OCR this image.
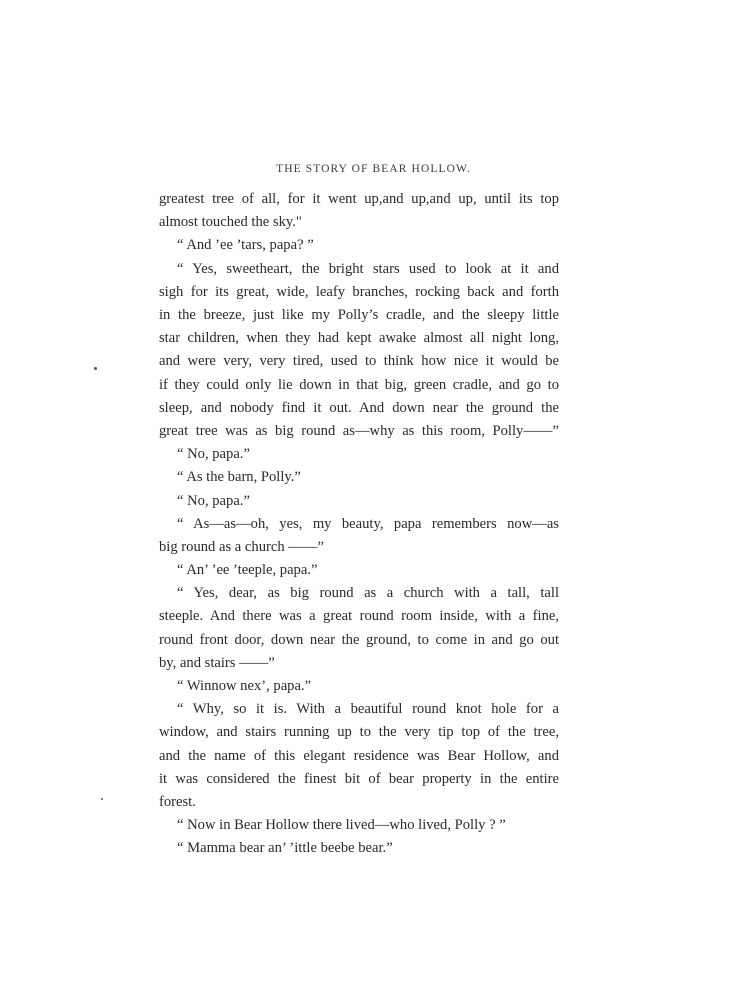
THE STORY OF BEAR HOLLOW.
greatest tree of all, for it went up,and up,and up, until its top
almost touched the sky."
“ And ’ee ’tars, papa? ”
“ Yes, sweetheart, the bright stars used to look at it and
sigh for its great, wide, leafy branches, rocking back and forth
in the breeze, just like my Polly’s cradle, and the sleepy little
star children, when they had kept awake almost all night long,
and were very, very tired, used to think how nice it would be
if they could only lie down in that big, green cradle, and go to
sleep, and nobody find it out. And down near the ground the
great tree was as big round as—why as this room, Polly——”
“ No, papa.”
“ As the barn, Polly.”
“ No, papa.”
“ As—as—oh, yes, my beauty, papa remembers now—as
big round as a church ——”
“ An’ ’ee ’teeple, papa.”
“ Yes, dear, as big round as a church with a tall, tall
steeple. And there was a great round room inside, with a fine,
round front door, down near the ground, to come in and go out
by, and stairs ——”
“ Winnow nex’, papa.”
“ Why, so it is. With a beautiful round knot hole for a
window, and stairs running up to the very tip top of the tree,
and the name of this elegant residence was Bear Hollow, and
it was considered the finest bit of bear property in the entire
forest.
“ Now in Bear Hollow there lived—who lived, Polly ? ”
“ Mamma bear an’ ’ittle beebe bear.”
